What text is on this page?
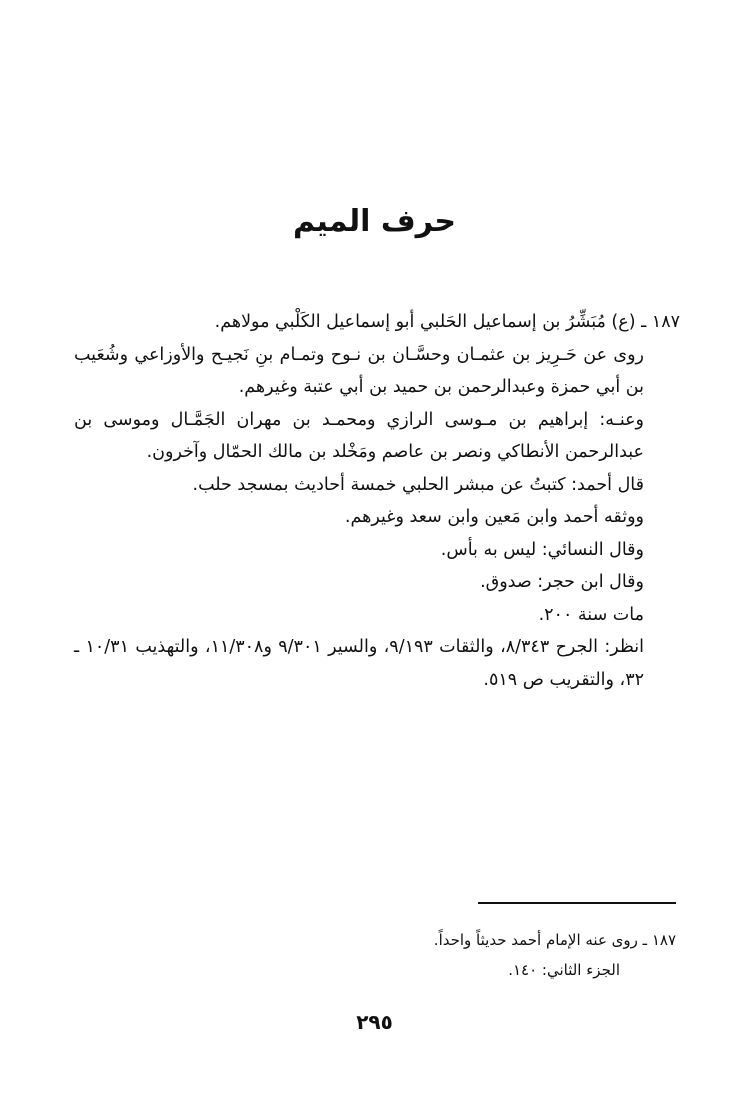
حرف الميم

١٨٧ ـ (ع) مُبَشِّرُ بن إسماعيل الحَلبي أبو إسماعيل الكَلْبي مولاهم.

روى عن حَـرِيز بن عثمـان وحسَّـان بن نـوح وتمـام بنِ نَجيـح والأوزاعي وشُعَيب بن أبي حمزة وعبدالرحمن بن حميد بن أبي عتبة وغيرهم.

وعنـه: إبراهيم بن مـوسى الرازي ومحمـد بن مهران الجَمَّـال وموسى بن عبدالرحمن الأنطاكي ونصر بن عاصم ومَخْلد بن مالك الحمّال وآخرون.

قال أحمد: كتبتُ عن مبشر الحلبي خمسة أحاديث بمسجد حلب.

ووثقه أحمد وابن مَعين وابن سعد وغيرهم.

وقال النسائي: ليس به بأس.

وقال ابن حجر: صدوق.

مات سنة ٢٠٠.

انظر: الجرح ٨/٣٤٣، والثقات ٩/١٩٣، والسير ٩/٣٠١ و١١/٣٠٨، والتهذيب ١٠/٣١ ـ ٣٢، والتقريب ص ٥١٩.

١٨٧ ـ روى عنه الإمام أحمد حديثاً واحداً.

الجزء الثاني: ١٤٠.

٢٩٥
